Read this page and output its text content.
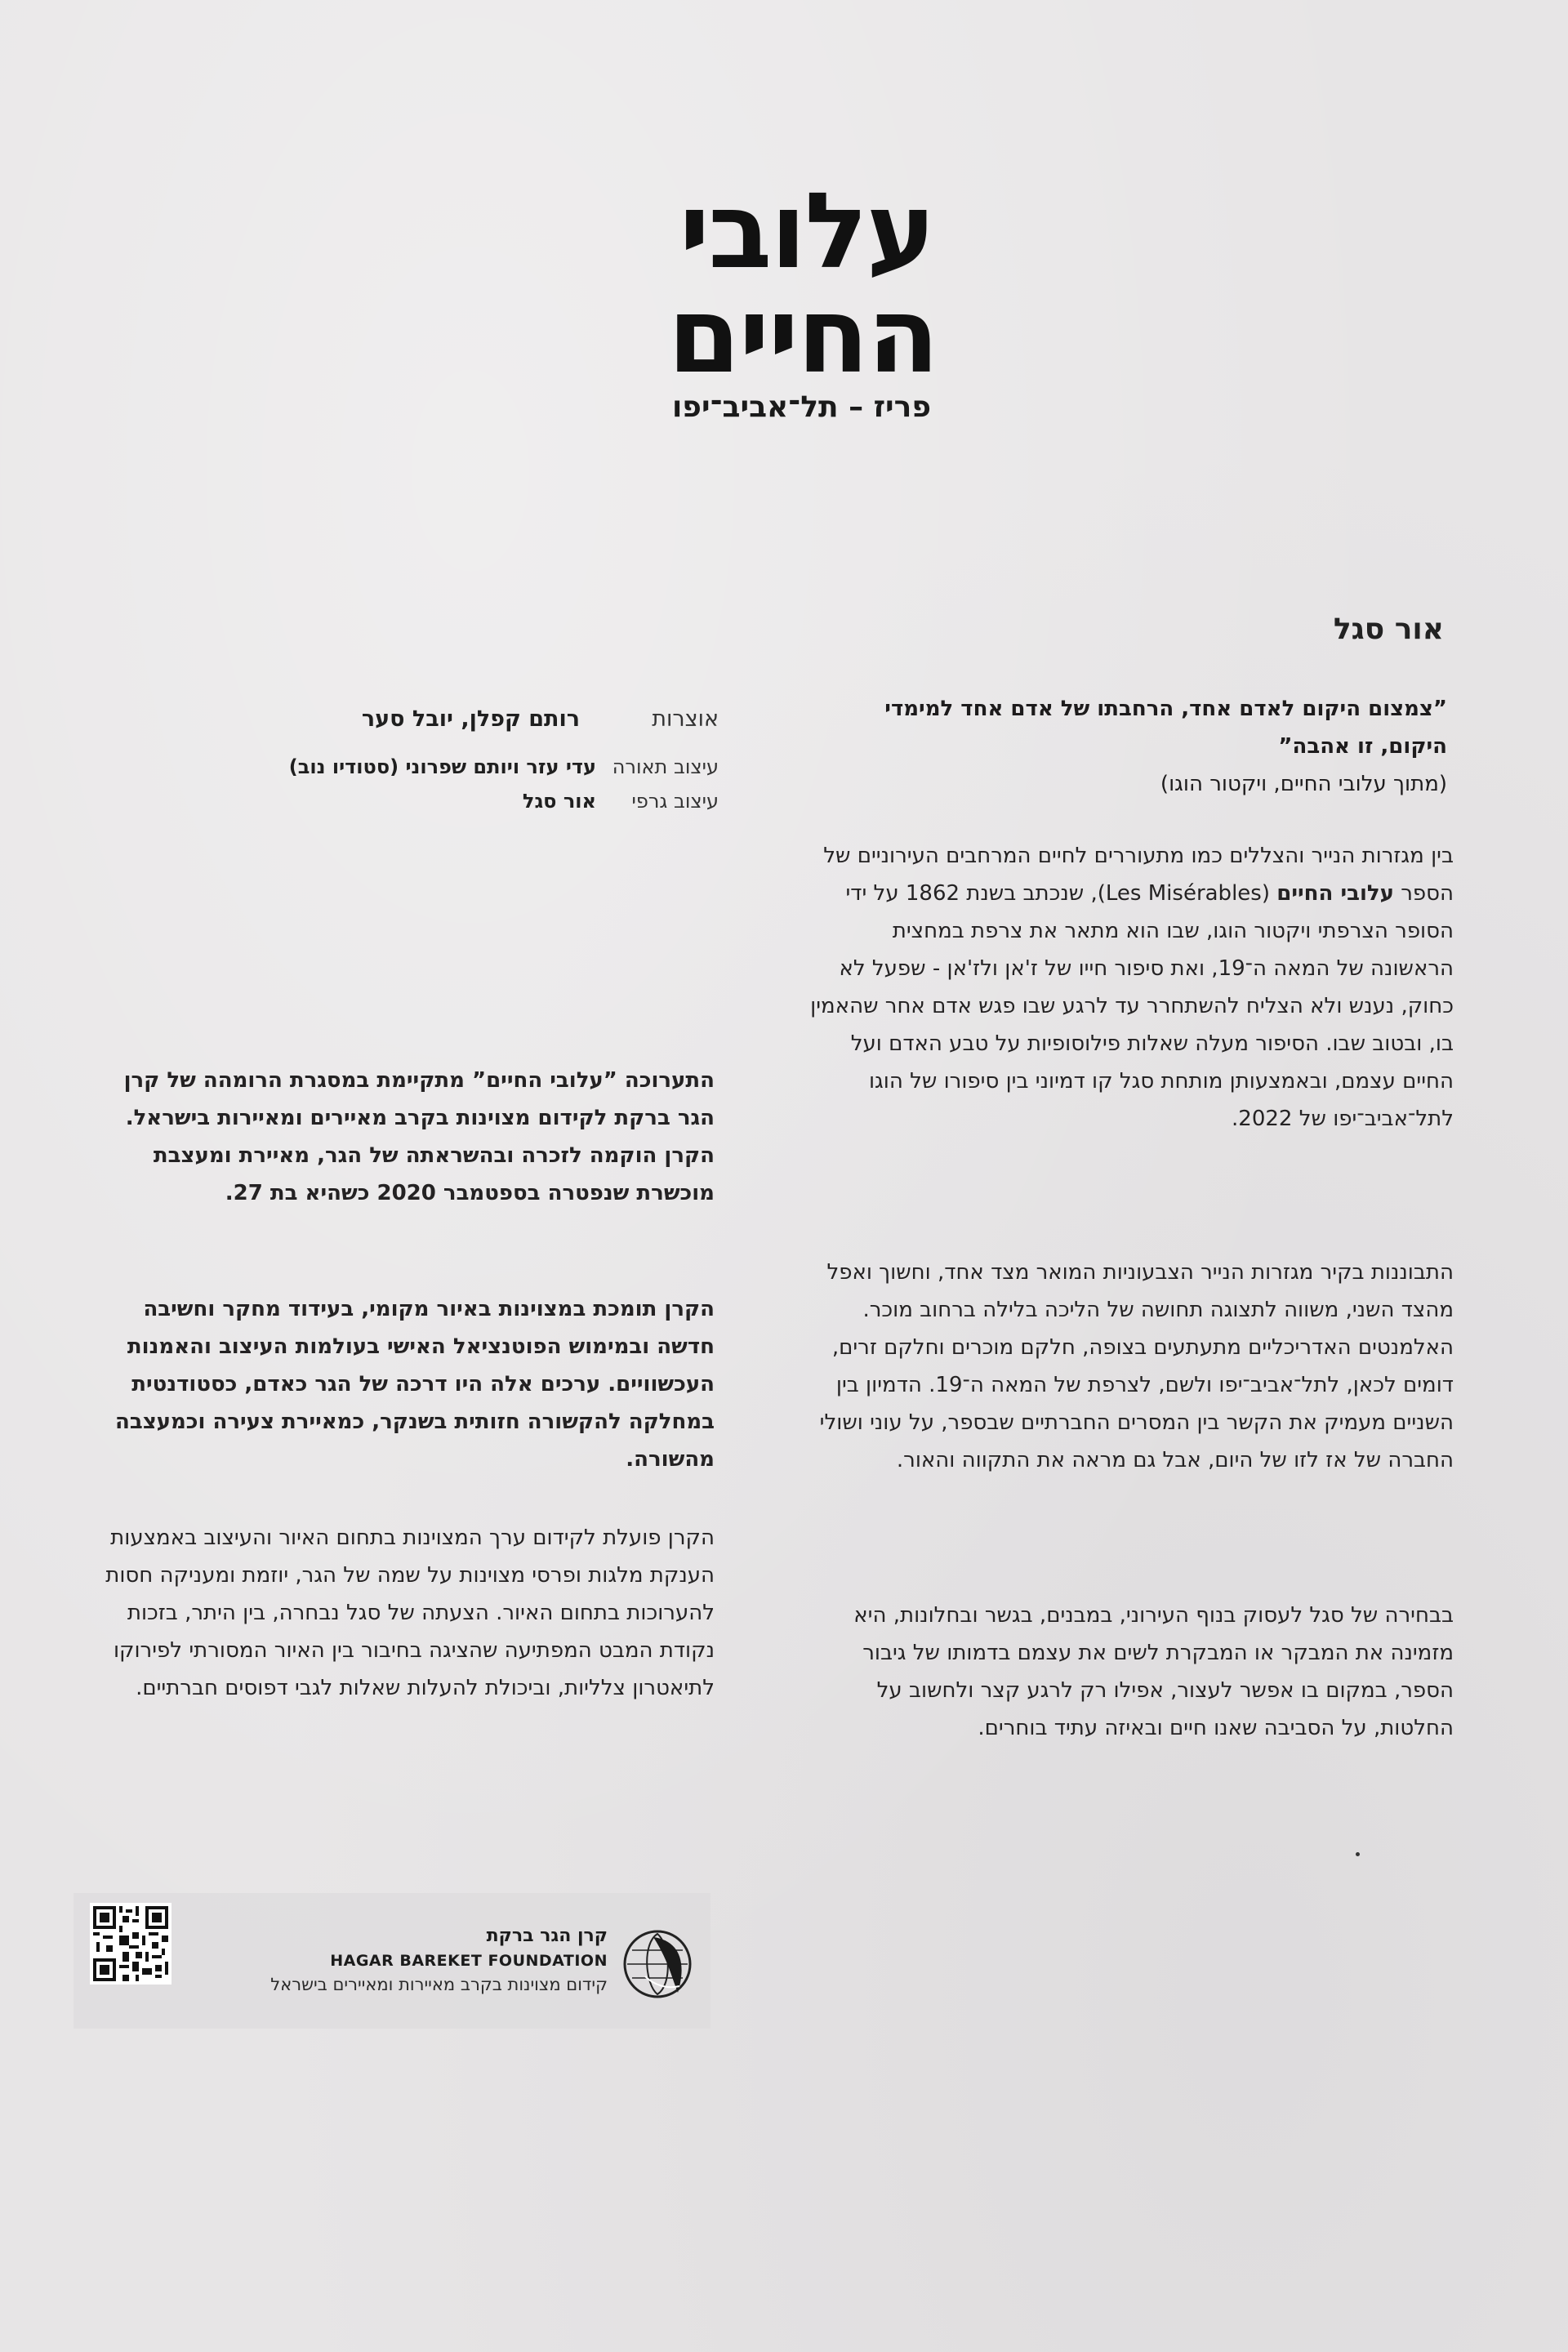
עלובי
החיים
פריז – תל־אביב־יפו
אור סגל
”צמצום היקום לאדם אחד, הרחבתו של אדם אחד למימדי היקום, זו אהבה”
(מתוך עלובי החיים, ויקטור הוגו)

בין מגזרות הנייר והצללים כמו מתעוררים לחיים המרחבים העירוניים של הספר עלובי החיים (Les Misérables), שנכתב בשנת 1862 על ידי הסופר הצרפתי ויקטור הוגו, שבו הוא מתאר את צרפת במחצית הראשונה של המאה ה־19, ואת סיפור חייו של ז'אן ולז'אן - שפעל לא כחוק, נענש ולא הצליח להשתחרר עד לרגע שבו פגש אדם אחר שהאמין בו, ובטוב שבו. הסיפור מעלה שאלות פילוסופיות על טבע האדם ועל החיים עצמם, ובאמצעותן מותחת סגל קו דמיוני בין סיפורו של הוגו לתל־אביב־יפו של 2022.

התבוננות בקיר מגזרות הנייר הצבעוניות המואר מצד אחד, וחשוך ואפל מהצד השני, משווה לתצוגה תחושה של הליכה בלילה ברחוב מוכר. האלמנטים האדריכליים מתעתעים בצופה, חלקם מוכרים וחלקם זרים, דומים לכאן, לתל־אביב־יפו ולשם, לצרפת של המאה ה־19. הדמיון בין השניים מעמיק את הקשר בין המסרים החברתיים שבספר, על עוני ושולי החברה של אז לזו של היום, אבל גם מראה את התקווה והאור.

בבחירה של סגל לעסוק בנוף העירוני, במבנים, בגשר ובחלונות, היא מזמינה את המבקר או המבקרת לשים את עצמם בדמותו של גיבור הספר, במקום בו אפשר לעצור, אפילו רק לרגע קצר ולחשוב על החלטות, על הסביבה שאנו חיים ובאיזה עתיד בוחרים.

אוצרות
רותם קפלן, יובל סער
עיצוב תאורה
עדי עזר ויותם שפרוני (סטודיו נוב)
עיצוב גרפי
אור סגל

התערוכה ”עלובי החיים” מתקיימת במסגרת הרומהה של קרן הגר ברקת לקידום מצוינות בקרב מאיירים ומאיירות בישראל. הקרן הוקמה לזכרה ובהשראתה של הגר, מאיירת ומעצבת מוכשרת שנפטרה בספטמבר 2020 כשהיא בת 27.

הקרן תומכת במצוינות באיור מקומי, בעידוד מחקר וחשיבה חדשה ובמימוש הפוטנציאל האישי בעולמות העיצוב והאמנות העכשוויים. ערכים אלה היו דרכה של הגר כאדם, כסטודנטית במחלקה להקשורה חזותית בשנקר, כמאיירת צעירה וכמעצבה מהשורה.

הקרן פועלת לקידום ערך המצוינות בתחום האיור והעיצוב באמצעות הענקת מלגות ופרסי מצוינות על שמה של הגר, יוזמת ומעניקה חסות להערוכות בתחום האיור. הצעתה של סגל נבחרה, בין היתר, בזכות נקודת המבט המפתיעה שהציגה בחיבור בין האיור המסורתי לפירוקו לתיאטרון צלליות, וביכולת להעלות שאלות לגבי דפוסים חברתיים.

קרן הגר ברקת
HAGAR BAREKET FOUNDATION
קידום מצוינות בקרב מאיירות ומאיירים בישראל
